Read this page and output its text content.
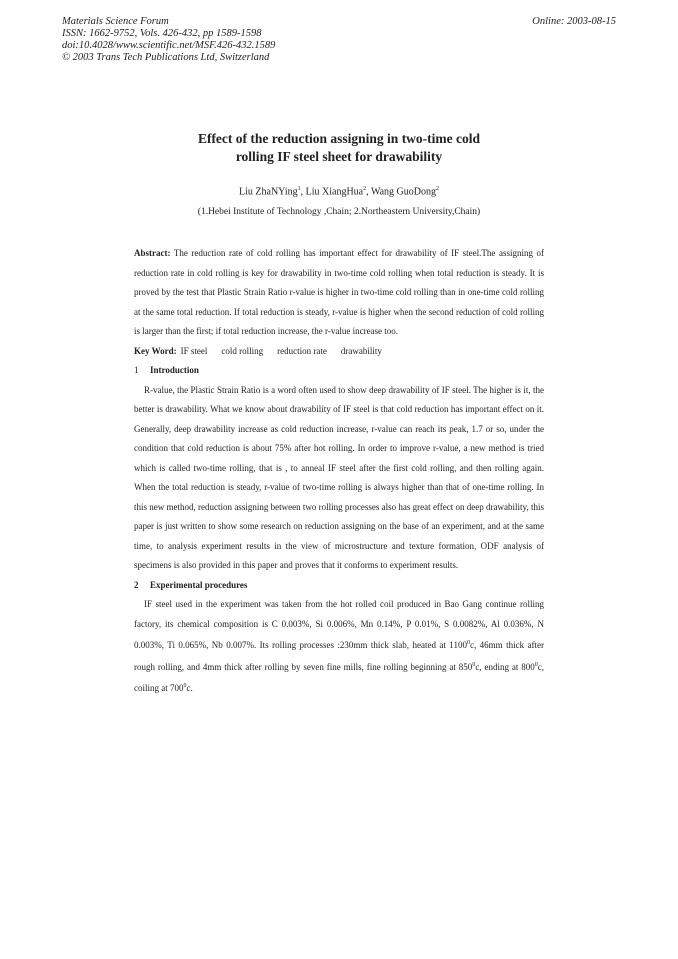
Materials Science Forum
ISSN: 1662-9752, Vols. 426-432, pp 1589-1598
doi:10.4028/www.scientific.net/MSF.426-432.1589
© 2003 Trans Tech Publications Ltd, Switzerland
Online: 2003-08-15
Effect of the reduction assigning in two-time cold
rolling IF steel sheet for drawability
Liu ZhaNYing$^1$, Liu XiangHua$^2$, Wang GuoDong$^2$
(1.Hebei Institute of Technology ,Chain; 2.Northeastern University,Chain)

Abstract: The reduction rate of cold rolling has important effect for drawability of IF steel.The assigning of reduction rate in cold rolling is key for drawability in two-time cold rolling when total reduction is steady. It is proved by the test that Plastic Strain Ratio r-value is higher in two-time cold rolling than in one-time cold rolling at the same total reduction. If total reduction is steady, r-value is higher when the second reduction of cold rolling is larger than the first; if total reduction increase, the r-value increase too.

Key Word: IF steel cold rolling reduction rate drawability

1 Introduction

R-value, the Plastic Strain Ratio is a word often used to show deep drawability of IF steel. The higher is it, the better is drawability. What we know about drawability of IF steel is that cold reduction has important effect on it. Generally, deep drawability increase as cold reduction increase, r-value can reach its peak, 1.7 or so, under the condition that cold reduction is about 75% after hot rolling. In order to improve r-value, a new method is tried which is called two-time rolling, that is , to anneal IF steel after the first cold rolling, and then rolling again. When the total reduction is steady, r-value of two-time rolling is always higher than that of one-time rolling. In this new method, reduction assigning between two rolling processes also has great effect on deep drawability, this paper is just written to show some research on reduction assigning on the base of an experiment, and at the same time, to analysis experiment results in the view of microstructure and texture formation, ODF analysis of specimens is also provided in this paper and proves that it conforms to experiment results.

2 Experimental procedures

IF steel used in the experiment was taken from the hot rolled coil produced in Bao Gang continue rolling factory, its chemical composition is C 0.003%, Si 0.006%, Mn 0.14%, P 0.01%, S 0.0082%, Al 0.036%, N 0.003%, Ti 0.065%, Nb 0.007%. Its rolling processes :230mm thick slab, heated at 1100$^0$c, 46mm thick after rough rolling, and 4mm thick after rolling by seven fine mills, fine rolling beginning at $850^0c$, ending at $800^0c$, coiling at $700^0c$.
